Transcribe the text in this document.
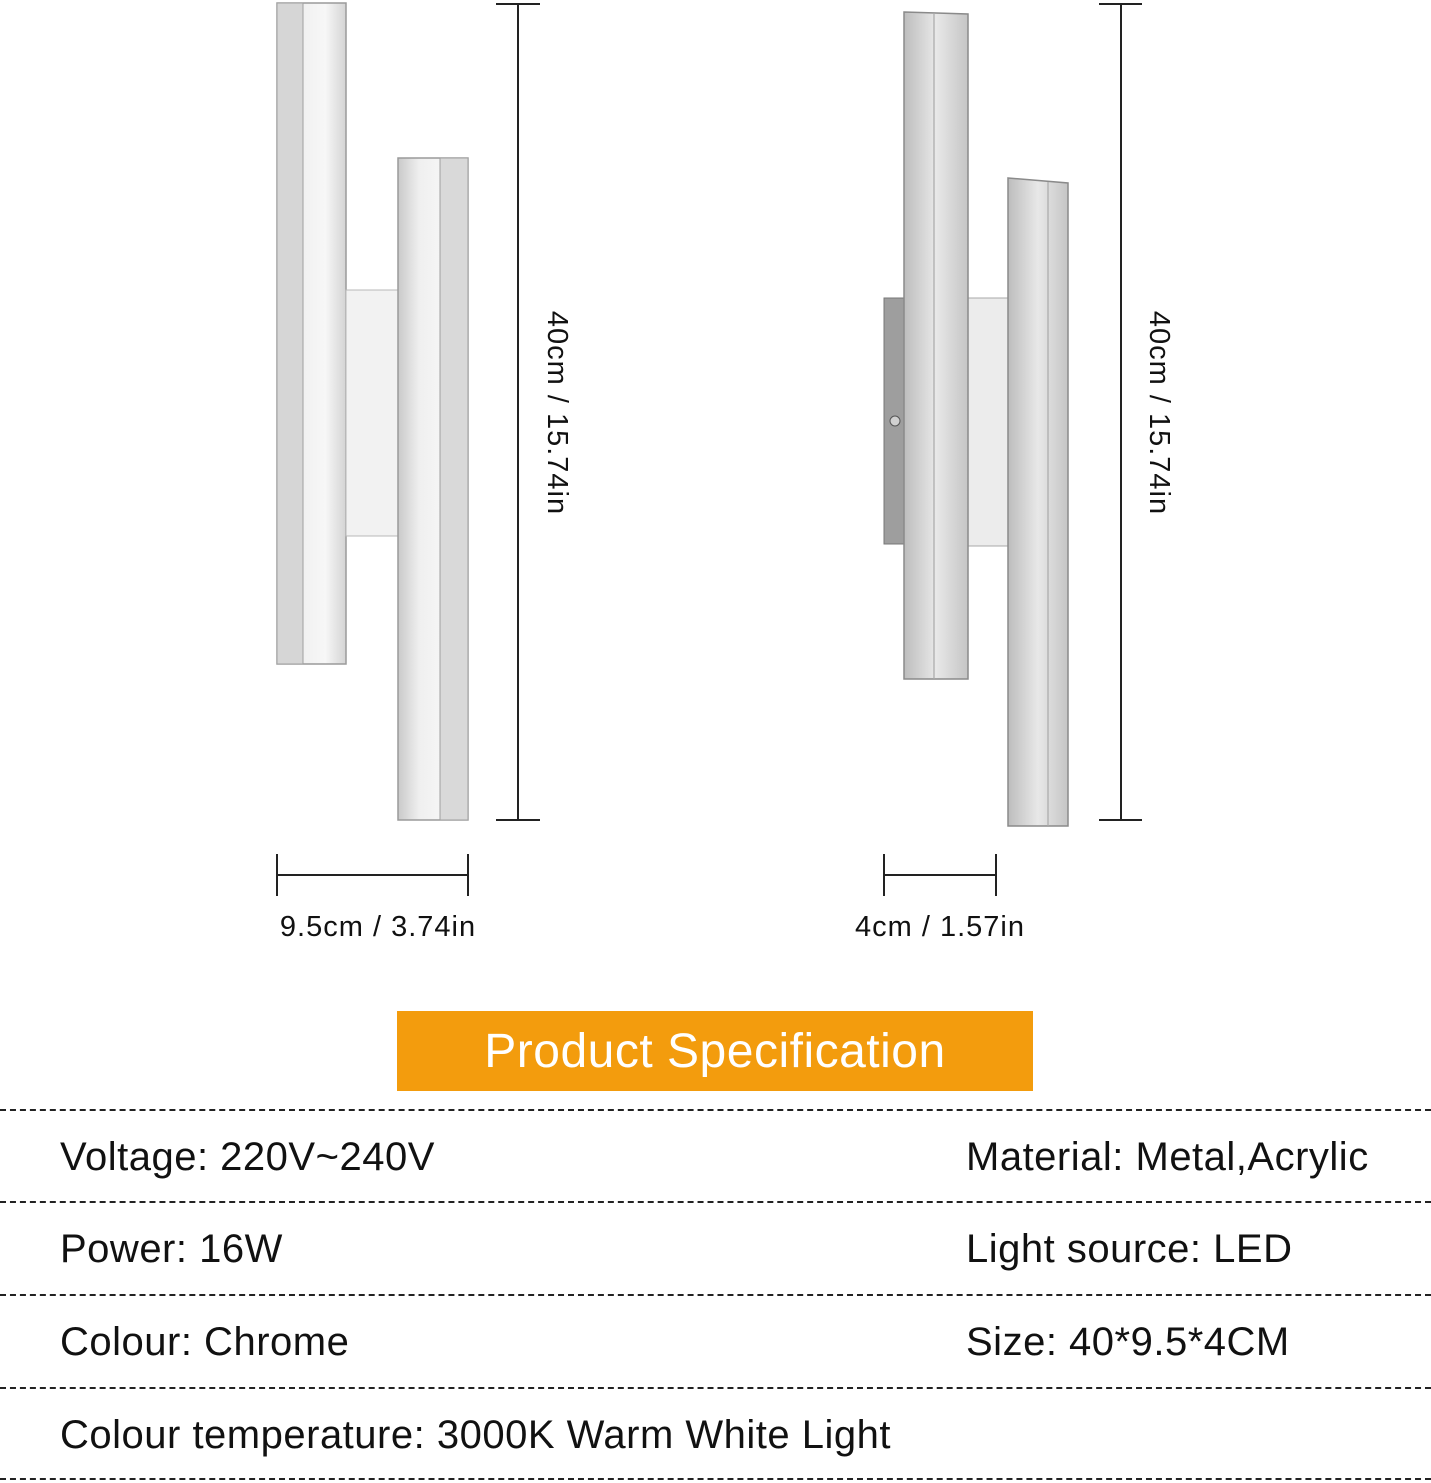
40cm / 15.74in
9.5cm / 3.74in
40cm / 15.74in
4cm / 1.57in
Product Specification
Voltage: 220V~240V	Material: Metal,Acrylic
Power: 16W	Light source: LED
Colour: Chrome	Size: 40*9.5*4CM
Colour temperature: 3000K Warm White Light
